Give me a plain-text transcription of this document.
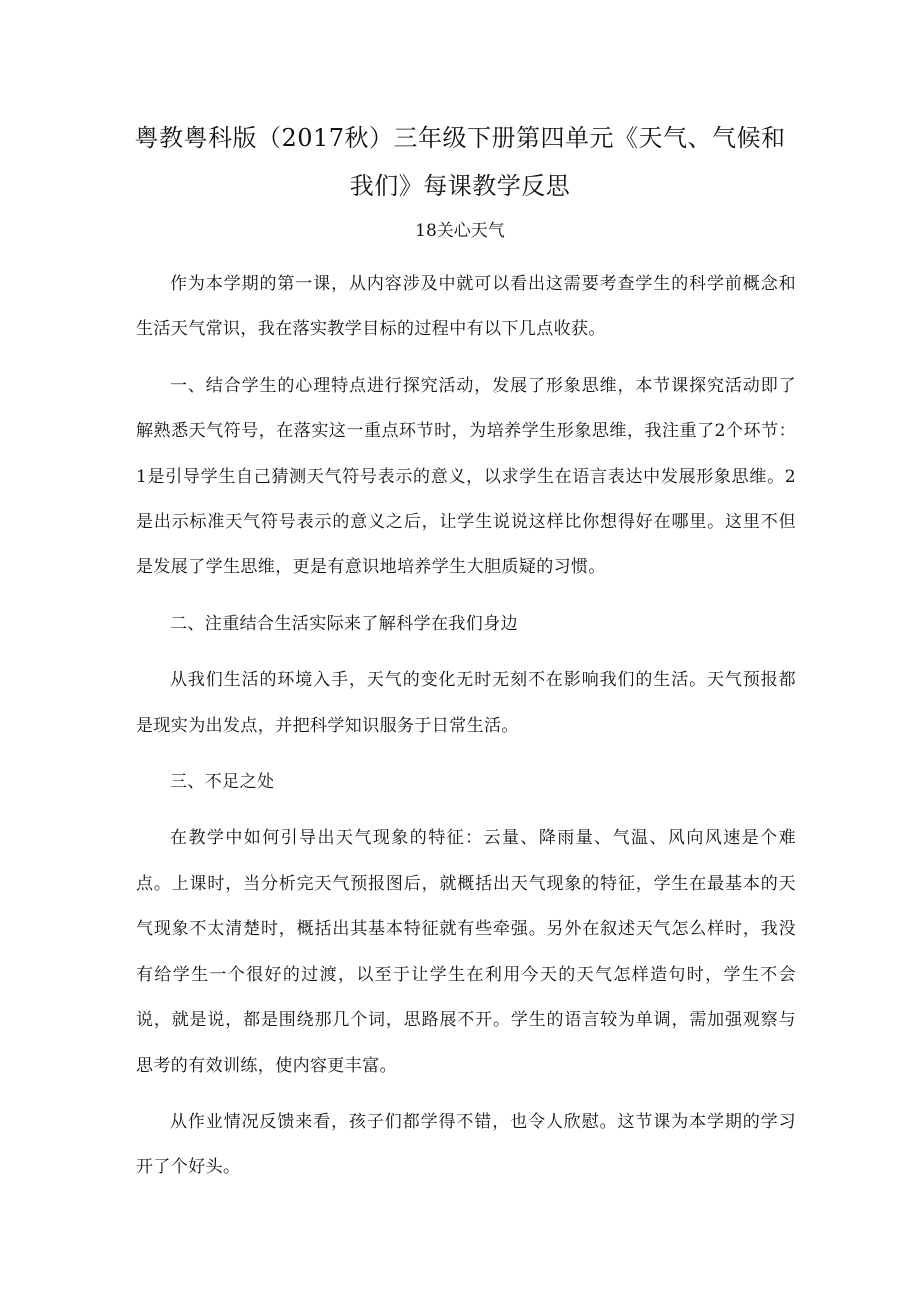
粤教粤科版（2017秋）三年级下册第四单元《天气、气候和
我们》每课教学反思
18关心天气

作为本学期的第一课，从内容涉及中就可以看出这需要考查学生的科学前概念和生活天气常识，我在落实教学目标的过程中有以下几点收获。

一、结合学生的心理特点进行探究活动，发展了形象思维，本节课探究活动即了解熟悉天气符号，在落实这一重点环节时，为培养学生形象思维，我注重了2个环节：1是引导学生自己猜测天气符号表示的意义，以求学生在语言表达中发展形象思维。2是出示标准天气符号表示的意义之后，让学生说说这样比你想得好在哪里。这里不但是发展了学生思维，更是有意识地培养学生大胆质疑的习惯。

二、注重结合生活实际来了解科学在我们身边

从我们生活的环境入手，天气的变化无时无刻不在影响我们的生活。天气预报都是现实为出发点，并把科学知识服务于日常生活。

三、不足之处

在教学中如何引导出天气现象的特征：云量、降雨量、气温、风向风速是个难点。上课时，当分析完天气预报图后，就概括出天气现象的特征，学生在最基本的天气现象不太清楚时，概括出其基本特征就有些牵强。另外在叙述天气怎么样时，我没有给学生一个很好的过渡，以至于让学生在利用今天的天气怎样造句时，学生不会说，就是说，都是围绕那几个词，思路展不开。学生的语言较为单调，需加强观察与思考的有效训练，使内容更丰富。

从作业情况反馈来看，孩子们都学得不错，也令人欣慰。这节课为本学期的学习开了个好头。
